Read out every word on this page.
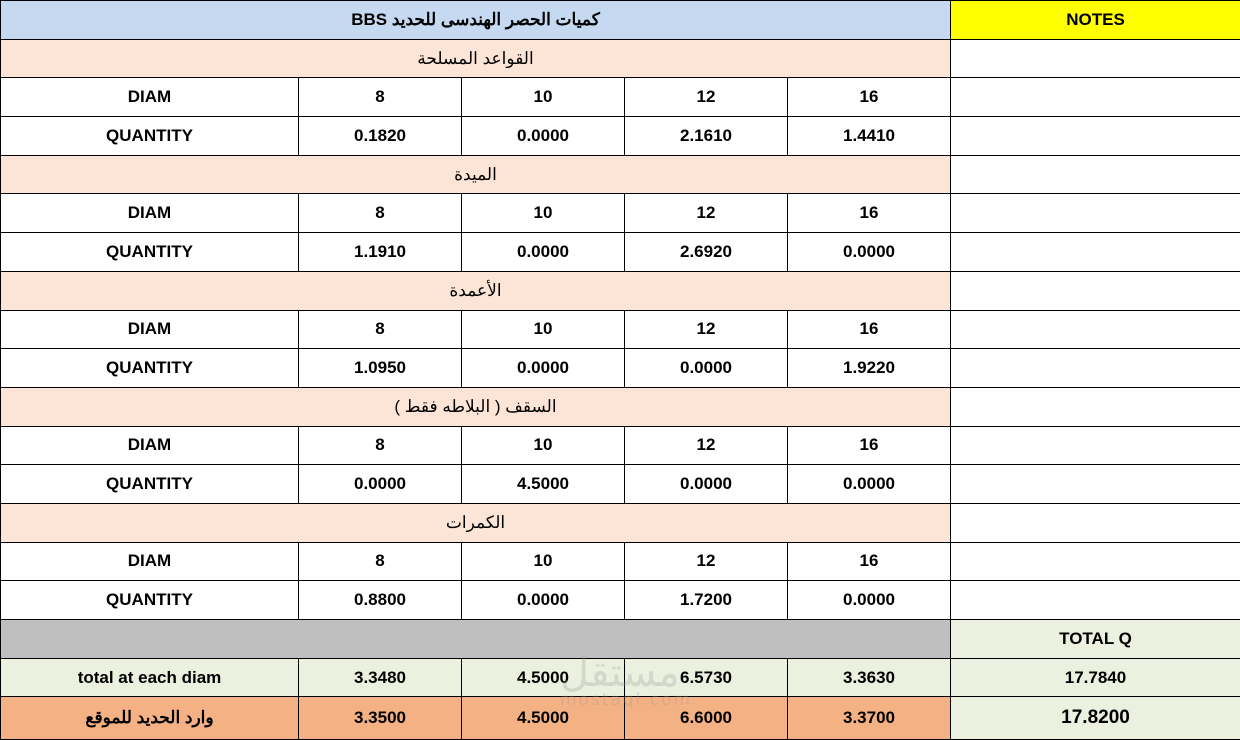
كميات الحصر الهندسى للحديد BBS					NOTES
القواعد المسلحة					
DIAM	8	10	12	16	
QUANTITY	0.1820	0.0000	2.1610	1.4410	
الميدة					
DIAM	8	10	12	16	
QUANTITY	1.1910	0.0000	2.6920	0.0000	
الأعمدة					
DIAM	8	10	12	16	
QUANTITY	1.0950	0.0000	0.0000	1.9220	
السقف ( البلاطه فقط )					
DIAM	8	10	12	16	
QUANTITY	0.0000	4.5000	0.0000	0.0000	
الكمرات					
DIAM	8	10	12	16	
QUANTITY	0.8800	0.0000	1.7200	0.0000	
					TOTAL Q
total at each diam	3.3480	4.5000	6.5730	3.3630	17.7840
وارد الحديد للموقع	3.3500	4.5000	6.6000	3.3700	17.8200
مستقل
mostaql.com
